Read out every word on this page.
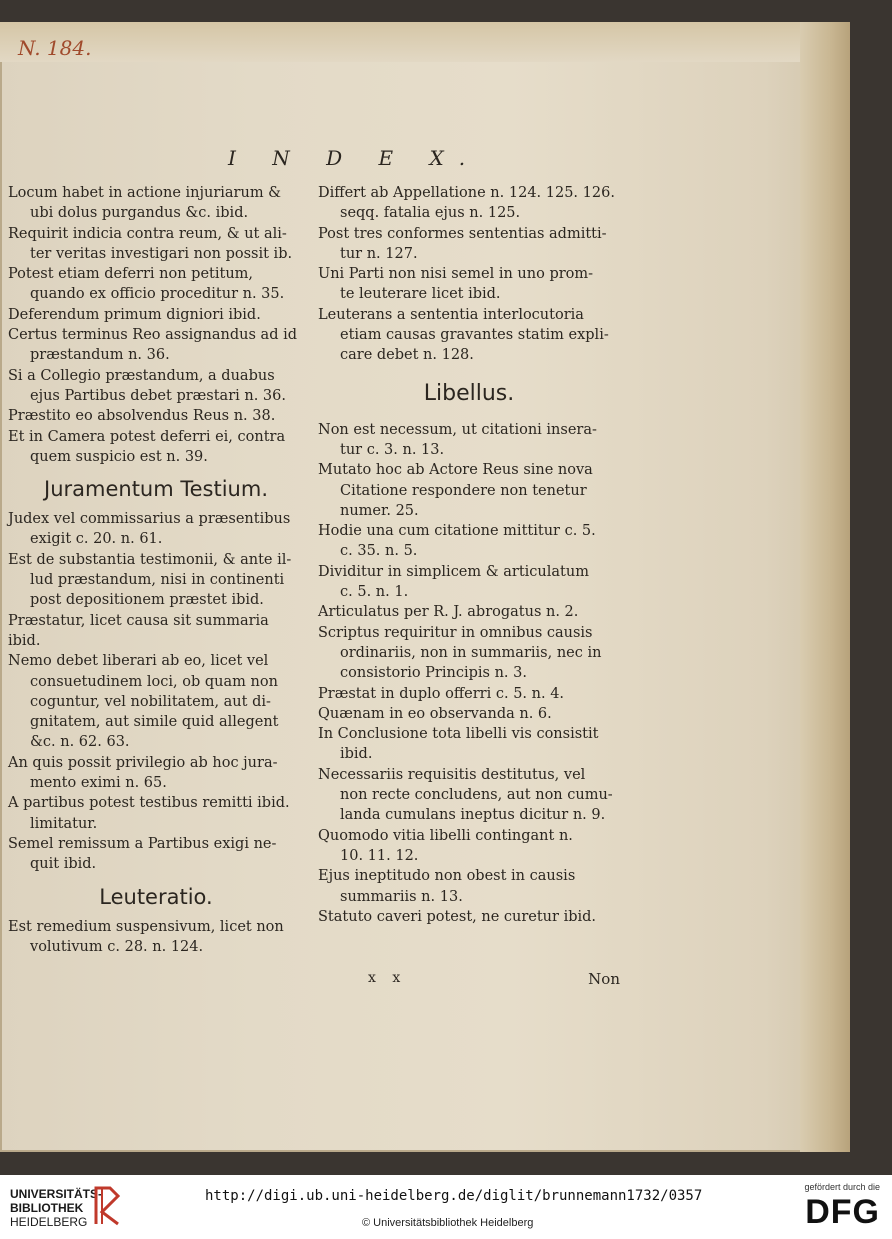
N. 184.
I N D E X.
Locum habet in actione injuriarum &
ubi dolus purgandus &c. ibid.
Requirit indicia contra reum, & ut ali-
ter veritas investigari non possit ib.
Potest etiam deferri non petitum,
quando ex officio proceditur n. 35.
Deferendum primum digniori ibid.
Certus terminus Reo assignandus ad id
præstandum n. 36.
Si a Collegio præstandum, a duabus
ejus Partibus debet præstari n. 36.
Præstito eo absolvendus Reus n. 38.
Et in Camera potest deferri ei, contra
quem suspicio est n. 39.
Juramentum Testium.
Judex vel commissarius a præsentibus
exigit c. 20. n. 61.
Est de substantia testimonii, & ante il-
lud præstandum, nisi in continenti
post depositionem præstet ibid.
Præstatur, licet causa sit summaria ibid.
Nemo debet liberari ab eo, licet vel
consuetudinem loci, ob quam non
coguntur, vel nobilitatem, aut di-
gnitatem, aut simile quid allegent
&c. n. 62. 63.
An quis possit privilegio ab hoc jura-
mento eximi n. 65.
A partibus potest testibus remitti ibid.
limitatur.
Semel remissum a Partibus exigi ne-
quit ibid.
Leuteratio.
Est remedium suspensivum, licet non
volutivum c. 28. n. 124.
Differt ab Appellatione n. 124. 125. 126.
seqq. fatalia ejus n. 125.
Post tres conformes sententias admitti-
tur n. 127.
Uni Parti non nisi semel in uno prom-
te leuterare licet ibid.
Leuterans a sententia interlocutoria
etiam causas gravantes statim expli-
care debet n. 128.
Libellus.
Non est necessum, ut citationi insera-
tur c. 3. n. 13.
Mutato hoc ab Actore Reus sine nova
Citatione respondere non tenetur
numer. 25.
Hodie una cum citatione mittitur c. 5.
c. 35. n. 5.
Dividitur in simplicem & articulatum
c. 5. n. 1.
Articulatus per R. J. abrogatus n. 2.
Scriptus requiritur in omnibus causis
ordinariis, non in summariis, nec in
consistorio Principis n. 3.
Præstat in duplo offerri c. 5. n. 4.
Quænam in eo observanda n. 6.
In Conclusione tota libelli vis consistit
ibid.
Necessariis requisitis destitutus, vel
non recte concludens, aut non cumu-
landa cumulans ineptus dicitur n. 9.
Quomodo vitia libelli contingant n.
10. 11. 12.
Ejus ineptitudo non obest in causis
summariis n. 13.
Statuto caveri potest, ne curetur ibid.
x x	Non
UNIVERSITÄTS-
BIBLIOTHEK
HEIDELBERG
http://digi.ub.uni-heidelberg.de/diglit/brunnemann1732/0357
© Universitätsbibliothek Heidelberg
gefördert durch die
DFG
